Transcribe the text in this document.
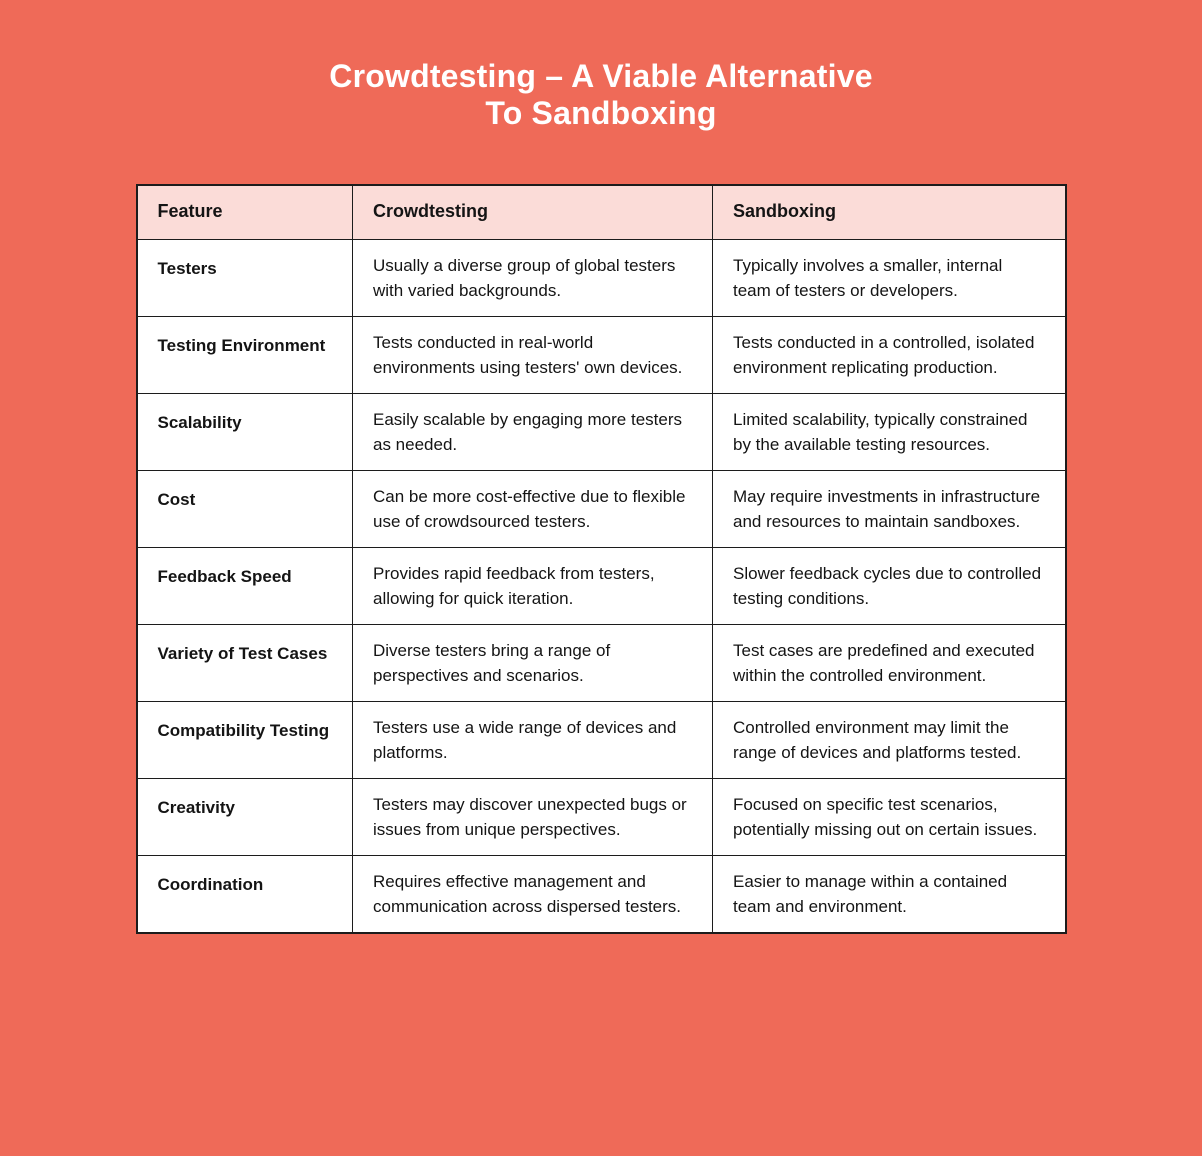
Crowdtesting – A Viable Alternative
To Sandboxing
Feature	Crowdtesting	Sandboxing
Testers	Usually a diverse group of global testers with varied backgrounds.	Typically involves a smaller, internal team of testers or developers.
Testing Environment	Tests conducted in real-world environments using testers' own devices.	Tests conducted in a controlled, isolated environment replicating production.
Scalability	Easily scalable by engaging more testers as needed.	Limited scalability, typically constrained by the available testing resources.
Cost	Can be more cost-effective due to flexible use of crowdsourced testers.	May require investments in infrastructure and resources to maintain sandboxes.
Feedback Speed	Provides rapid feedback from testers, allowing for quick iteration.	Slower feedback cycles due to controlled testing conditions.
Variety of Test Cases	Diverse testers bring a range of perspectives and scenarios.	Test cases are predefined and executed within the controlled environment.
Compatibility Testing	Testers use a wide range of devices and platforms.	Controlled environment may limit the range of devices and platforms tested.
Creativity	Testers may discover unexpected bugs or issues from unique perspectives.	Focused on specific test scenarios, potentially missing out on certain issues.
Coordination	Requires effective management and communication across dispersed testers.	Easier to manage within a contained team and environment.
